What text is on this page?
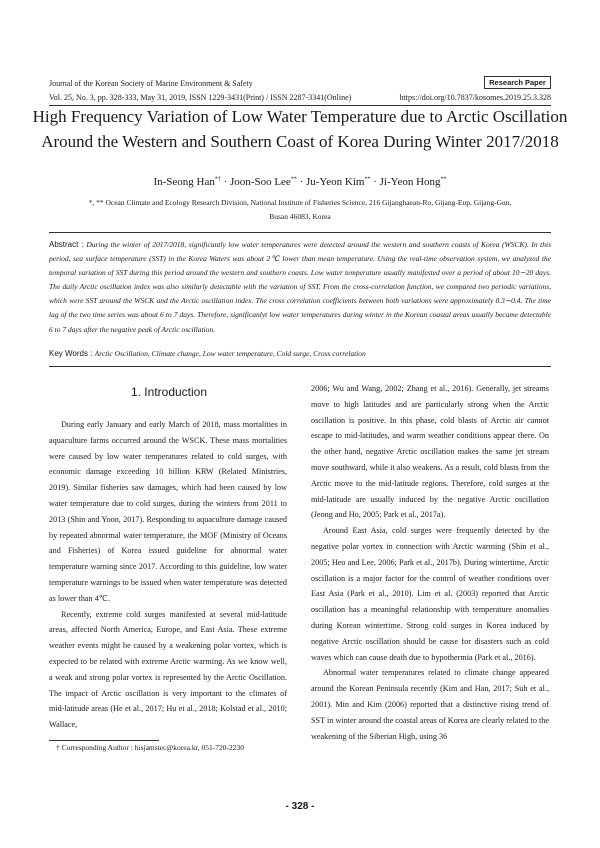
Journal of the Korean Society of Marine Environment & Safety
Vol. 25, No. 3, pp. 328-333, May 31, 2019, ISSN 1229-3431(Print) / ISSN 2287-3341(Online)
Research Paper
https://doi.org/10.7837/kosomes.2019.25.3.328
High Frequency Variation of Low Water Temperature due to Arctic Oscillation
Around the Western and Southern Coast of Korea During Winter 2017/2018
In-Seong Han*† · Joon-Soo Lee** · Ju-Yeon Kim** · Ji-Yeon Hong**
*, ** Ocean Climate and Ecology Research Division, National Institute of Fisheries Science, 216 Gijanghaean-Ro, Gijang-Eup, Gijang-Gun,
Busan 46083, Korea
Abstract : During the winter of 2017/2018, significantly low water temperatures were detected around the western and southern coasts of Korea (WSCK). In this period, sea surface temperature (SST) in the Korea Waters was about 2℃ lower than mean temperature. Using the real-time observation system, we analyzed the temporal variation of SST during this period around the western and southern coasts. Low water temperature usually manifested over a period of about 10∼20 days. The daily Arctic oscillation index was also similarly detectable with the variation of SST. From the cross-correlation function, we compared two periodic variations, which were SST around the WSCK and the Arctic oscillation index. The cross correlation coefficients between both variations were approximately 0.3∼0.4. The time lag of the two time series was about 6 to 7 days. Therefore, significanlyt low water temperatures during winter in the Korean coastal areas usually became detectable 6 to 7 days after the negative peak of Arctic oscillation.
Key Words : Arctic Oscillation, Climate change, Low water temperature, Cold surge, Cross correlation
1. Introduction

During early January and early March of 2018, mass mortalities in aquaculture farms occurred around the WSCK. These mass mortalities were caused by low water temperatures related to cold surges, with economic damage exceeding 10 billion KRW (Related Ministries, 2019). Similar fisheries saw damages, which had been caused by low water temperature due to cold surges, during the winters from 2011 to 2013 (Shin and Yoon, 2017). Responding to aquaculture damage caused by repeated abnormal water temperature, the MOF (Ministry of Oceans and Fisheries) of Korea issued guideline for abnormal water temperature warning since 2017. According to this guideline, low water temperature warnings to be issued when water temperature was detected as lower than 4℃.

Recently, extreme cold surges manifested at several mid-latitude areas, affected North America, Europe, and East Asia. These extreme weather events might be caused by a weakening polar vortex, which is expected to be related with extreme Arctic warming. As we know well, a weak and strong polar vortex is represented by the Arctic Oscillation. The impact of Arctic oscillation is very important to the climates of mid-latitude areas (He et al., 2017; Hu et al., 2018; Kolstad et al., 2010; Wallace,

2006; Wu and Wang, 2002; Zhang et al., 2016). Generally, jet streams move to high latitudes and are particularly strong when the Arctic oscillation is positive. In this phase, cold blasts of Arctic air cannot escape to mid-latitudes, and warm weather conditions appear there. On the other hand, negative Arctic oscillation makes the same jet stream move southward, while it also weakens. As a result, cold blasts from the Arctic move to the mid-latitude regions. Therefore, cold surges at the mid-latitude are usually induced by the negative Arctic oscillation (Jeong and Ho, 2005; Park et al., 2017a).

Around East Asia, cold surges were frequently detected by the negative polar vortex in connection with Arctic warming (Shin et al., 2005; Heo and Lee, 2006; Park et al., 2017b). During wintertime, Arctic oscillation is a major factor for the control of weather conditions over East Asia (Park et al., 2010). Lim et al. (2003) reported that Arctic oscillation has a meaningful relationship with temperature anomalies during Korean wintertime. Strong cold surges in Korea induced by negative Arctic oscillation should be cause for disasters such as cold waves which can cause death due to hypothermia (Park et al., 2016).

Abnormal water temperatures related to climate change appeared around the Korean Peninsula recently (Kim and Han, 2017; Suh et al., 2001). Min and Kim (2006) reported that a distinctive rising trend of SST in winter around the coastal areas of Korea are clearly related to the weakening of the Siberian High, using 36

† Corresponding Author : hisjamstec@korea.kr, 051-720-2230
- 328 -
